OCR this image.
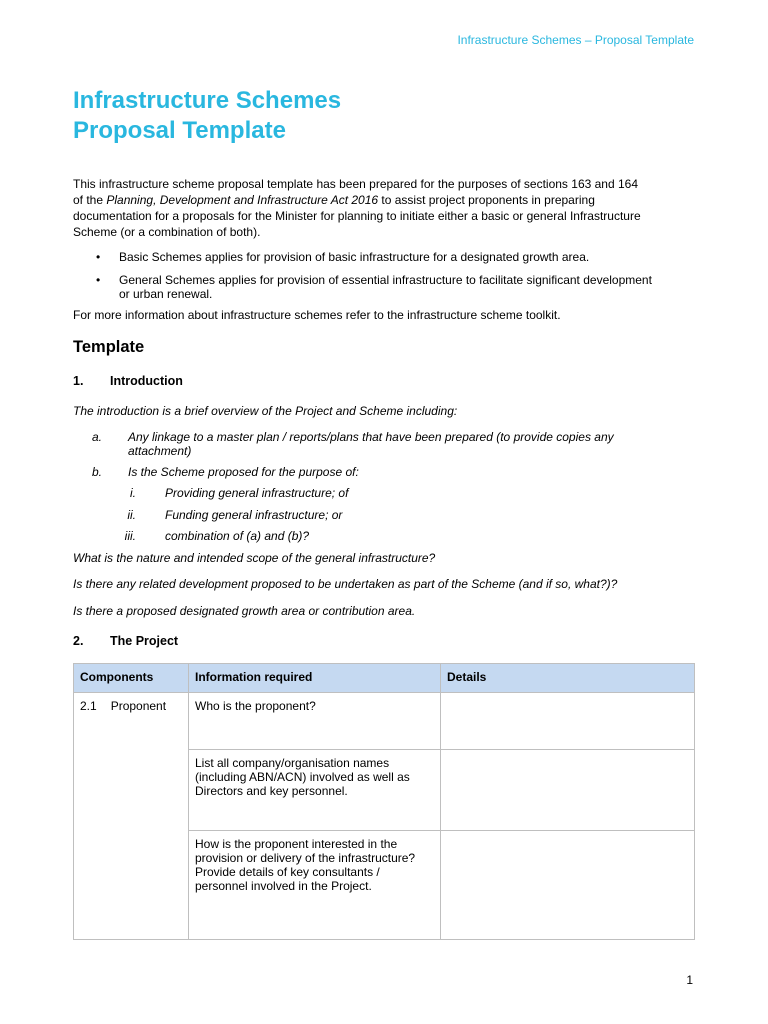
Infrastructure Schemes – Proposal Template
Infrastructure Schemes
Proposal Template
This infrastructure scheme proposal template has been prepared for the purposes of sections 163 and 164
of the Planning, Development and Infrastructure Act 2016 to assist project proponents in preparing
documentation for a proposals for the Minister for planning to initiate either a basic or general Infrastructure
Scheme (or a combination of both).
• Basic Schemes applies for provision of basic infrastructure for a designated growth area.
• General Schemes applies for provision of essential infrastructure to facilitate significant development
or urban renewal.
For more information about infrastructure schemes refer to the infrastructure scheme toolkit.
Template
1. Introduction
The introduction is a brief overview of the Project and Scheme including:
a. Any linkage to a master plan / reports/plans that have been prepared (to provide copies any
attachment)
b. Is the Scheme proposed for the purpose of:
i. Providing general infrastructure; of
ii. Funding general infrastructure; or
iii. combination of (a) and (b)?
What is the nature and intended scope of the general infrastructure?
Is there any related development proposed to be undertaken as part of the Scheme (and if so, what?)?
Is there a proposed designated growth area or contribution area.
2. The Project
Components	Information required	Details
2.1 Proponent	Who is the proponent?	
	List all company/organisation names (including ABN/ACN) involved as well as Directors and key personnel.	
	How is the proponent interested in the provision or delivery of the infrastructure? Provide details of key consultants / personnel involved in the Project.	
1
